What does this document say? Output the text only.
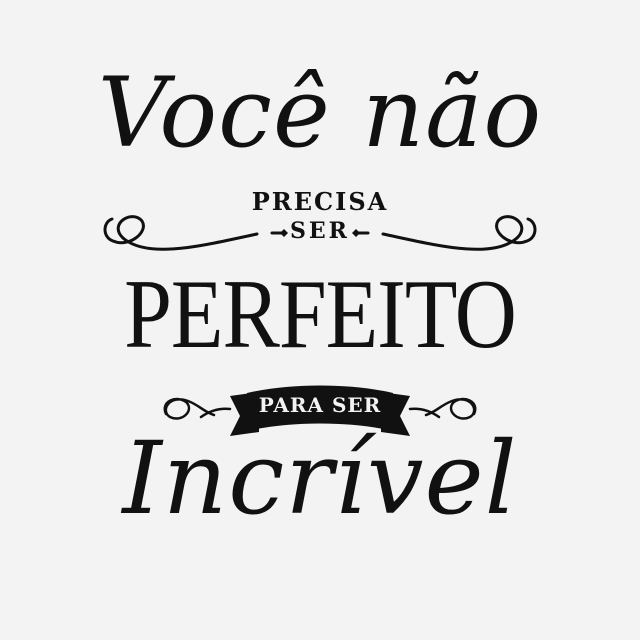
Você não
PRECISA
SER
PERFEITO
PARA SER
Incrível
